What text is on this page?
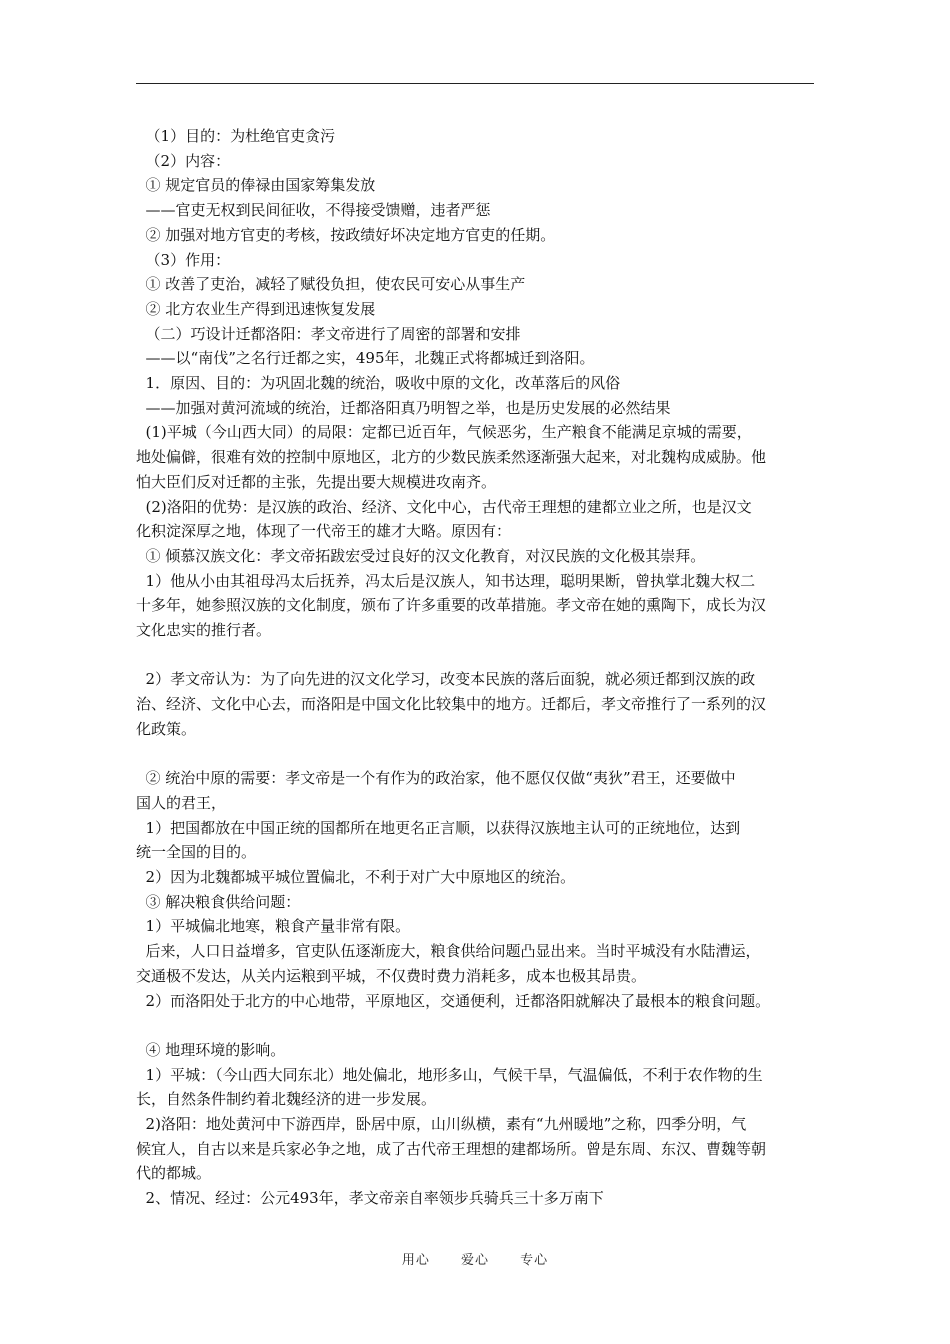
（1）目的：为杜绝官吏贪污
（2）内容：
① 规定官员的俸禄由国家筹集发放
——官吏无权到民间征收，不得接受馈赠，违者严惩
② 加强对地方官吏的考核，按政绩好坏决定地方官吏的任期。
（3）作用：
① 改善了吏治，减轻了赋役负担，使农民可安心从事生产
② 北方农业生产得到迅速恢复发展
（二）巧设计迁都洛阳：孝文帝进行了周密的部署和安排
——以“南伐”之名行迁都之实，495年，北魏正式将都城迁到洛阳。
1．原因、目的：为巩固北魏的统治，吸收中原的文化，改革落后的风俗
——加强对黄河流域的统治，迁都洛阳真乃明智之举，也是历史发展的必然结果
(1)平城（今山西大同）的局限：定都已近百年，气候恶劣，生产粮食不能满足京城的需要，
地处偏僻，很难有效的控制中原地区，北方的少数民族柔然逐渐强大起来，对北魏构成威胁。他
怕大臣们反对迁都的主张，先提出要大规模进攻南齐。
(2)洛阳的优势：是汉族的政治、经济、文化中心，古代帝王理想的建都立业之所，也是汉文
化积淀深厚之地，体现了一代帝王的雄才大略。原因有：
① 倾慕汉族文化：孝文帝拓跋宏受过良好的汉文化教育，对汉民族的文化极其崇拜。
1）他从小由其祖母冯太后抚养，冯太后是汉族人，知书达理，聪明果断，曾执掌北魏大权二
十多年，她参照汉族的文化制度，颁布了许多重要的改革措施。孝文帝在她的熏陶下，成长为汉
文化忠实的推行者。
2）孝文帝认为：为了向先进的汉文化学习，改变本民族的落后面貌，就必须迁都到汉族的政
治、经济、文化中心去，而洛阳是中国文化比较集中的地方。迁都后，孝文帝推行了一系列的汉
化政策。
② 统治中原的需要：孝文帝是一个有作为的政治家，他不愿仅仅做“夷狄”君王，还要做中
国人的君王，
1）把国都放在中国正统的国都所在地更名正言顺，以获得汉族地主认可的正统地位，达到
统一全国的目的。
2）因为北魏都城平城位置偏北，不利于对广大中原地区的统治。
③ 解决粮食供给问题：
1）平城偏北地寒，粮食产量非常有限。
后来，人口日益增多，官吏队伍逐渐庞大，粮食供给问题凸显出来。当时平城没有水陆漕运，
交通极不发达，从关内运粮到平城，不仅费时费力消耗多，成本也极其昂贵。
2）而洛阳处于北方的中心地带，平原地区，交通便利，迁都洛阳就解决了最根本的粮食问题。
④ 地理环境的影响。
1）平城：（今山西大同东北）地处偏北，地形多山，气候干旱，气温偏低，不利于农作物的生
长，自然条件制约着北魏经济的进一步发展。
2)洛阳：地处黄河中下游西岸，卧居中原，山川纵横，素有“九州暖地”之称，四季分明，气
候宜人，自古以来是兵家必争之地，成了古代帝王理想的建都场所。曾是东周、东汉、曹魏等朝
代的都城。
2、情况、经过：公元493年，孝文帝亲自率领步兵骑兵三十多万南下
用心 爱心 专心
